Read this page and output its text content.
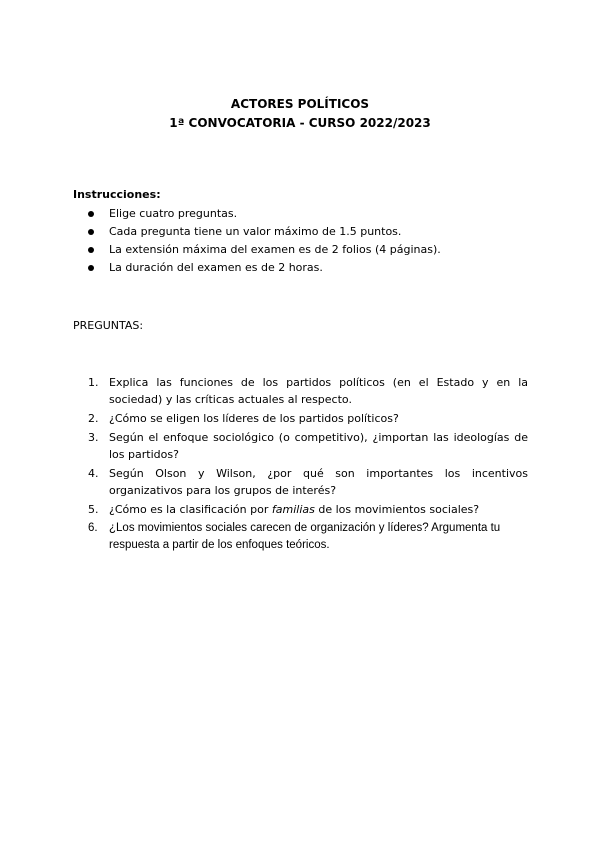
ACTORES POLÍTICOS
1ª CONVOCATORIA - CURSO 2022/2023
Instrucciones:
Elige cuatro preguntas.
Cada pregunta tiene un valor máximo de 1.5 puntos.
La extensión máxima del examen es de 2 folios (4 páginas).
La duración del examen es de 2 horas.
PREGUNTAS:
1. Explica las funciones de los partidos políticos (en el Estado y en la sociedad) y las críticas actuales al respecto.
2. ¿Cómo se eligen los líderes de los partidos políticos?
3. Según el enfoque sociológico (o competitivo), ¿importan las ideologías de los partidos?
4. Según Olson y Wilson, ¿por qué son importantes los incentivos organizativos para los grupos de interés?
5. ¿Cómo es la clasificación por familias de los movimientos sociales?
6. ¿Los movimientos sociales carecen de organización y líderes? Argumenta tu respuesta a partir de los enfoques teóricos.
